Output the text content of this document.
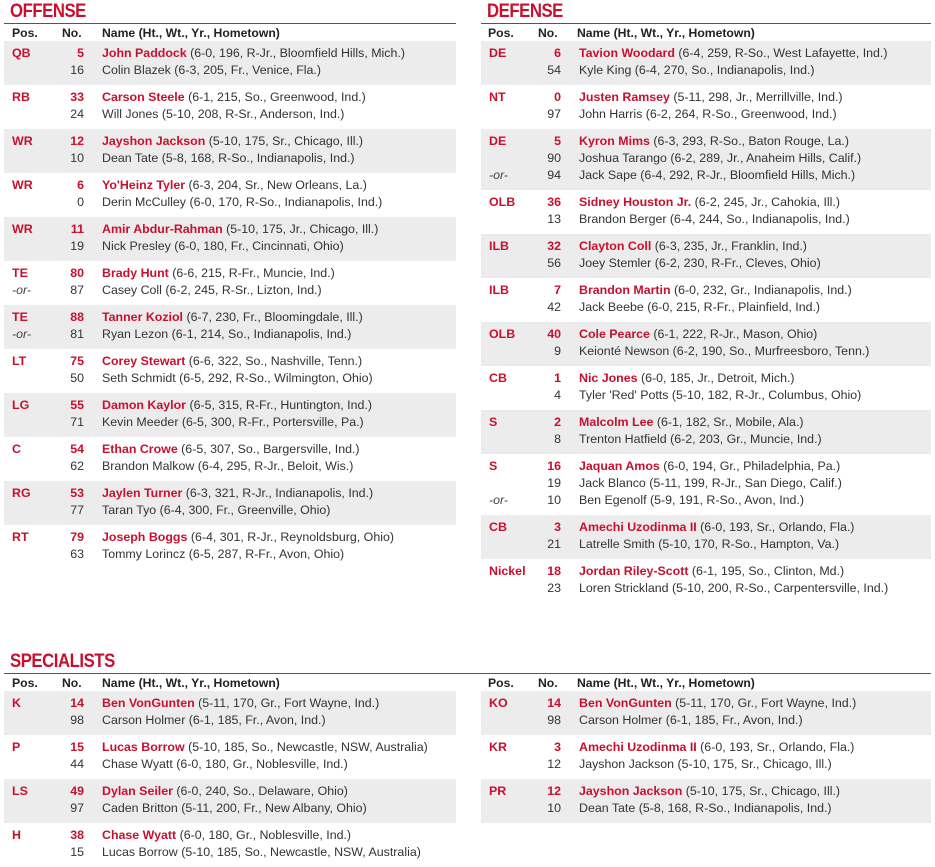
OFFENSE
Pos. No. Name (Ht., Wt., Yr., Hometown)
QB	5 John Paddock (6-0, 196, R-Jr., Bloomfield Hills, Mich.)
16 Colin Blazek (6-3, 205, Fr., Venice, Fla.)
RB	33 Carson Steele (6-1, 215, So., Greenwood, Ind.)
24 Will Jones (5-10, 208, R-Sr., Anderson, Ind.)
WR	12 Jayshon Jackson (5-10, 175, Sr., Chicago, Ill.)
10 Dean Tate (5-8, 168, R-So., Indianapolis, Ind.)
WR	6 Yo'Heinz Tyler (6-3, 204, Sr., New Orleans, La.)
0 Derin McCulley (6-0, 170, R-So., Indianapolis, Ind.)
WR	11 Amir Abdur-Rahman (5-10, 175, Jr., Chicago, Ill.)
19 Nick Presley (6-0, 180, Fr., Cincinnati, Ohio)
TE	80 Brady Hunt (6-6, 215, R-Fr., Muncie, Ind.)
-or-	87 Casey Coll (6-2, 245, R-Sr., Lizton, Ind.)
TE	88 Tanner Koziol (6-7, 230, Fr., Bloomingdale, Ill.)
-or-	81 Ryan Lezon (6-1, 214, So., Indianapolis, Ind.)
LT	75 Corey Stewart (6-6, 322, So., Nashville, Tenn.)
50 Seth Schmidt (6-5, 292, R-So., Wilmington, Ohio)
LG	55 Damon Kaylor (6-5, 315, R-Fr., Huntington, Ind.)
71 Kevin Meeder (6-5, 300, R-Fr., Portersville, Pa.)
C	54 Ethan Crowe (6-5, 307, So., Bargersville, Ind.)
62 Brandon Malkow (6-4, 295, R-Jr., Beloit, Wis.)
RG	53 Jaylen Turner (6-3, 321, R-Jr., Indianapolis, Ind.)
77 Taran Tyo (6-4, 300, Fr., Greenville, Ohio)
RT	79 Joseph Boggs (6-4, 301, R-Jr., Reynoldsburg, Ohio)
63 Tommy Lorincz (6-5, 287, R-Fr., Avon, Ohio)
DEFENSE
Pos. No. Name (Ht., Wt., Yr., Hometown)
DE	6 Tavion Woodard (6-4, 259, R-So., West Lafayette, Ind.)
54 Kyle King (6-4, 270, So., Indianapolis, Ind.)
NT	0 Justen Ramsey (5-11, 298, Jr., Merrillville, Ind.)
97 John Harris (6-2, 264, R-So., Greenwood, Ind.)
DE	5 Kyron Mims (6-3, 293, R-So., Baton Rouge, La.)
90 Joshua Tarango (6-2, 289, Jr., Anaheim Hills, Calif.)
-or-	94 Jack Sape (6-4, 292, R-Jr., Bloomfield Hills, Mich.)
OLB	36 Sidney Houston Jr. (6-2, 245, Jr., Cahokia, Ill.)
13 Brandon Berger (6-4, 244, So., Indianapolis, Ind.)
ILB	32 Clayton Coll (6-3, 235, Jr., Franklin, Ind.)
56 Joey Stemler (6-2, 230, R-Fr., Cleves, Ohio)
ILB	7 Brandon Martin (6-0, 232, Gr., Indianapolis, Ind.)
42 Jack Beebe (6-0, 215, R-Fr., Plainfield, Ind.)
OLB	40 Cole Pearce (6-1, 222, R-Jr., Mason, Ohio)
9 Keionté Newson (6-2, 190, So., Murfreesboro, Tenn.)
CB	1 Nic Jones (6-0, 185, Jr., Detroit, Mich.)
4 Tyler 'Red' Potts (5-10, 182, R-Jr., Columbus, Ohio)
S	2 Malcolm Lee (6-1, 182, Sr., Mobile, Ala.)
8 Trenton Hatfield (6-2, 203, Gr., Muncie, Ind.)
S	16 Jaquan Amos (6-0, 194, Gr., Philadelphia, Pa.)
19 Jack Blanco (5-11, 199, R-Jr., San Diego, Calif.)
-or-	10 Ben Egenolf (5-9, 191, R-So., Avon, Ind.)
CB	3 Amechi Uzodinma II (6-0, 193, Sr., Orlando, Fla.)
21 Latrelle Smith (5-10, 170, R-So., Hampton, Va.)
Nickel	18 Jordan Riley-Scott (6-1, 195, So., Clinton, Md.)
23 Loren Strickland (5-10, 200, R-So., Carpentersville, Ind.)
SPECIALISTS
Pos. No. Name (Ht., Wt., Yr., Hometown)
K	14 Ben VonGunten (5-11, 170, Gr., Fort Wayne, Ind.)
98 Carson Holmer (6-1, 185, Fr., Avon, Ind.)
P	15 Lucas Borrow (5-10, 185, So., Newcastle, NSW, Australia)
44 Chase Wyatt (6-0, 180, Gr., Noblesville, Ind.)
LS	49 Dylan Seiler (6-0, 240, So., Delaware, Ohio)
97 Caden Britton (5-11, 200, Fr., New Albany, Ohio)
H	38 Chase Wyatt (6-0, 180, Gr., Noblesville, Ind.)
15 Lucas Borrow (5-10, 185, So., Newcastle, NSW, Australia)
Pos. No. Name (Ht., Wt., Yr., Hometown)
KO	14 Ben VonGunten (5-11, 170, Gr., Fort Wayne, Ind.)
98 Carson Holmer (6-1, 185, Fr., Avon, Ind.)
KR	3 Amechi Uzodinma II (6-0, 193, Sr., Orlando, Fla.)
12 Jayshon Jackson (5-10, 175, Sr., Chicago, Ill.)
PR	12 Jayshon Jackson (5-10, 175, Sr., Chicago, Ill.)
10 Dean Tate (5-8, 168, R-So., Indianapolis, Ind.)
